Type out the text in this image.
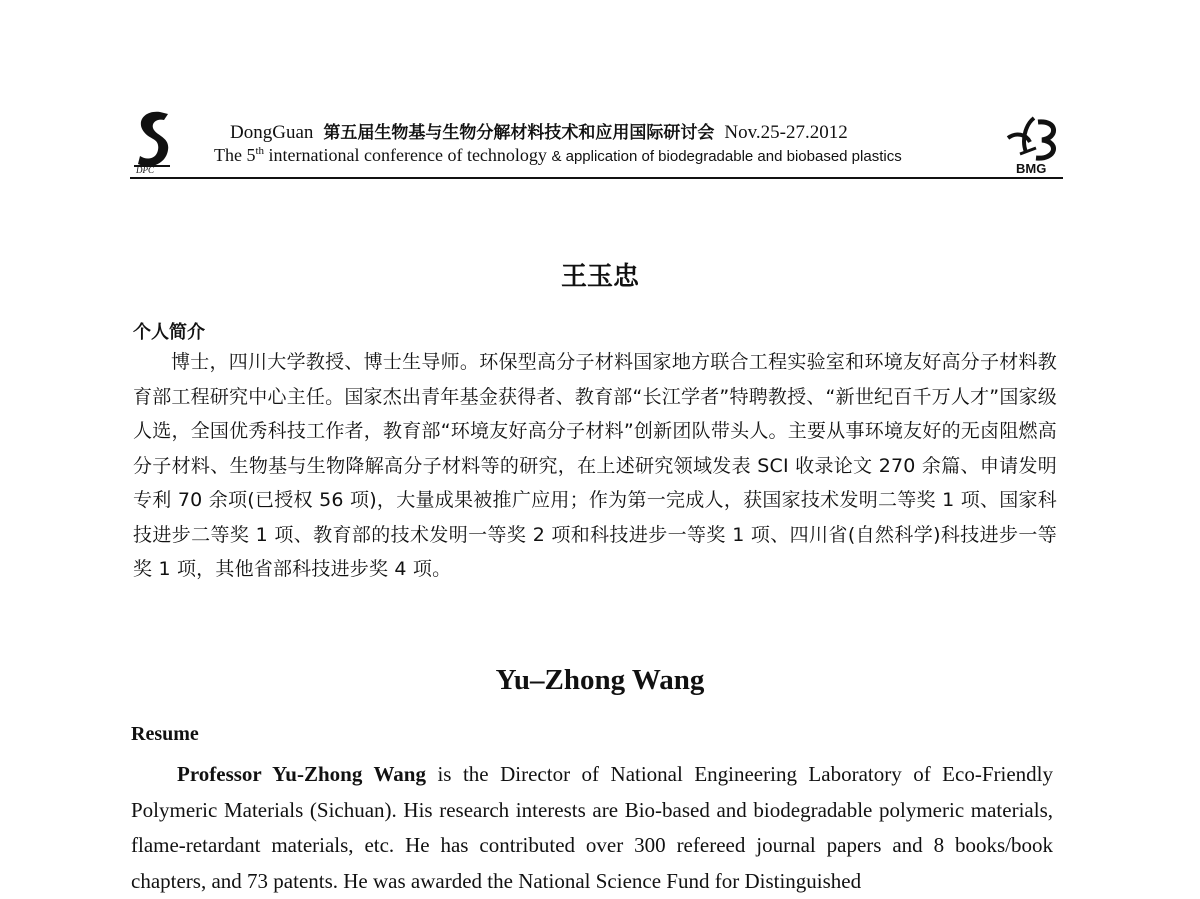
DPC
DongGuan 第五届生物基与生物分解材料技术和应用国际研讨会 Nov.25-27.2012
The 5th international conference of technology & application of biodegradable and biobased plastics
BMG
王玉忠
个人简介
博士，四川大学教授、博士生导师。环保型高分子材料国家地方联合工程实验室和环境友好高分子材料教育部工程研究中心主任。国家杰出青年基金获得者、教育部“长江学者”特聘教授、“新世纪百千万人才”国家级人选，全国优秀科技工作者，教育部“环境友好高分子材料”创新团队带头人。主要从事环境友好的无卤阻燃高分子材料、生物基与生物降解高分子材料等的研究，在上述研究领域发表 SCI 收录论文 270 余篇、申请发明专利 70 余项(已授权 56 项)，大量成果被推广应用；作为第一完成人，获国家技术发明二等奖 1 项、国家科技进步二等奖 1 项、教育部的技术发明一等奖 2 项和科技进步一等奖 1 项、四川省(自然科学)科技进步一等奖 1 项，其他省部科技进步奖 4 项。
Yu–Zhong Wang
Resume
Professor Yu-Zhong Wang is the Director of National Engineering Laboratory of Eco-Friendly Polymeric Materials (Sichuan). His research interests are Bio-based and biodegradable polymeric materials, flame-retardant materials, etc. He has contributed over 300 refereed journal papers and 8 books/book chapters, and 73 patents. He was awarded the National Science Fund for Distinguished
